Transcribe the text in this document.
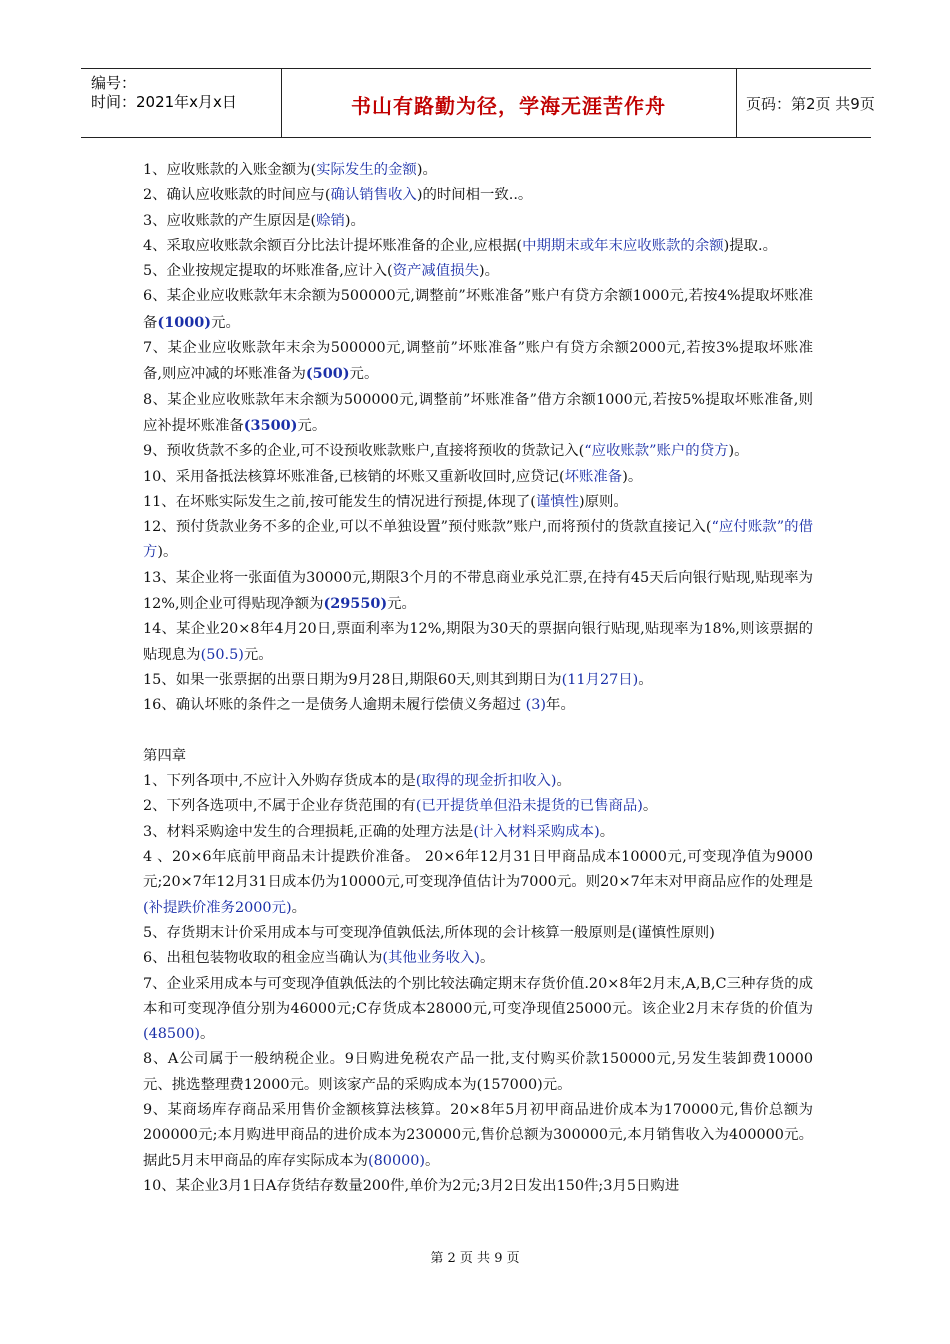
编号：
时间：2021年x月x日	书山有路勤为径，学海无涯苦作舟	页码：第2页 共9页

1、应收账款的入账金额为(实际发生的金额)。

2、确认应收账款的时间应与(确认销售收入)的时间相一致..。

3、应收账款的产生原因是(赊销)。

4、采取应收账款余额百分比法计提坏账准备的企业,应根据(中期期末或年末应收账款的余额)提取.。

5、企业按规定提取的坏账准备,应计入(资产减值损失)。

6、某企业应收账款年末余额为500000元,调整前”坏账准备”账户有贷方余额1000元,若按4%提取坏账准备(1000)元。

7、某企业应收账款年末余为500000元,调整前”坏账准备”账户有贷方余额2000元,若按3%提取坏账准备,则应冲减的坏账准备为(500)元。

8、某企业应收账款年末余额为500000元,调整前”坏账准备”借方余额1000元,若按5%提取坏账准备,则应补提坏账准备(3500)元。

9、预收货款不多的企业,可不设预收账款账户,直接将预收的货款记入(“应收账款”账户的贷方)。

10、采用备抵法核算坏账准备,已核销的坏账又重新收回时,应贷记(坏账准备)。

11、在坏账实际发生之前,按可能发生的情况进行预提,体现了(谨慎性)原则。

12、预付货款业务不多的企业,可以不单独设置”预付账款”账户,而将预付的货款直接记入(“应付账款”的借方)。

13、某企业将一张面值为30000元,期限3个月的不带息商业承兑汇票,在持有45天后向银行贴现,贴现率为12%,则企业可得贴现净额为(29550)元。

14、某企业20×8年4月20日,票面利率为12%,期限为30天的票据向银行贴现,贴现率为18%,则该票据的贴现息为(50.5)元。

15、如果一张票据的出票日期为9月28日,期限60天,则其到期日为(11月27日)。

16、确认坏账的条件之一是债务人逾期未履行偿债义务超过 (3)年。

第四章

1、下列各项中,不应计入外购存货成本的是(取得的现金折扣收入)。

2、下列各选项中,不属于企业存货范围的有(已开提货单但沿未提货的已售商品)。

3、材料采购途中发生的合理损耗,正确的处理方法是(计入材料采购成本)。

4 、20×6年底前甲商品未计提跌价准备。 20×6年12月31日甲商品成本10000元,可变现净值为9000元;20×7年12月31日成本仍为10000元,可变现净值估计为7000元。则20×7年末对甲商品应作的处理是(补提跌价准务2000元)。

5、存货期末计价采用成本与可变现净值孰低法,所体现的会计核算一般原则是(谨慎性原则)

6、出租包装物收取的租金应当确认为(其他业务收入)。

7、企业采用成本与可变现净值孰低法的个别比较法确定期末存货价值.20×8年2月末,A,B,C三种存货的成本和可变现净值分别为46000元;C存货成本28000元,可变净现值25000元。该企业2月末存货的价值为(48500)。

8、A公司属于一般纳税企业。9日购进免税农产品一批,支付购买价款150000元,另发生装卸费10000元、挑选整理费12000元。则该家产品的采购成本为(157000)元。

9、某商场库存商品采用售价金额核算法核算。20×8年5月初甲商品进价成本为170000元,售价总额为200000元;本月购进甲商品的进价成本为230000元,售价总额为300000元,本月销售收入为400000元。据此5月末甲商品的库存实际成本为(80000)。

10、某企业3月1日A存货结存数量200件,单价为2元;3月2日发出150件;3月5日购进

第 2 页 共 9 页
